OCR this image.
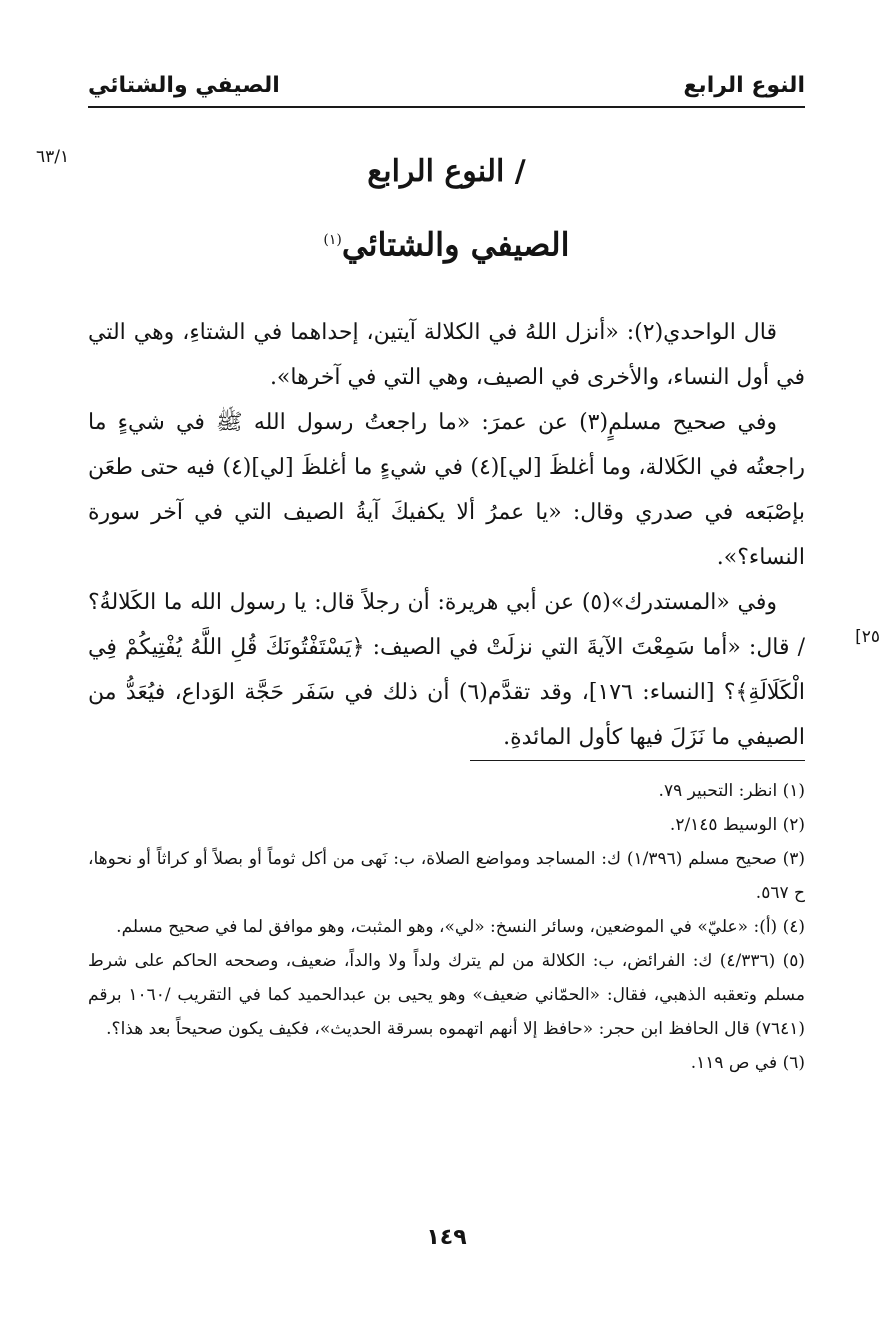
النوع الرابع
الصيفي والشتائي
٦٣/١
[٢٥
/ النوع الرابع
الصيفي والشتائي$^{(١)}$

قال الواحدي(٢): «أنزل اللهُ في الكلالة آيتين، إحداهما في الشتاءِ، وهي التي في أول النساء، والأخرى في الصيف، وهي التي في آخرها».

وفي صحيح مسلمٍ(٣) عن عمرَ: «ما راجعتُ رسول الله ﷺ في شيءٍ ما راجعتُه في الكَلالة، وما أغلظَ [لي](٤) في شيءٍ ما أغلظَ [لي](٤) فيه حتى طعَن بإصْبَعه في صدري وقال: «يا عمرُ ألا يكفيكَ آيةُ الصيف التي في آخر سورة النساء؟».

وفي «المستدرك»(٥) عن أبي هريرة: أن رجلاً قال: يا رسول الله ما الكَلالةُ؟ / قال: «أما سَمِعْتَ الآيةَ التي نزلَتْ في الصيف: ﴿يَسْتَفْتُونَكَ قُلِ اللَّهُ يُفْتِيكُمْ فِي الْكَلَالَةِ﴾؟ [النساء: ١٧٦]، وقد تقدَّم(٦) أن ذلك في سَفَر حَجَّة الوَداع، فيُعَدُّ من الصيفي ما نَزَلَ فيها كأول المائدةِ.

(١) انظر: التحبير ٧٩.

(٢) الوسيط ٢/١٤٥.

(٣) صحيح مسلم (١/٣٩٦) ك: المساجد ومواضع الصلاة، ب: نَهى من أكل ثوماً أو بصلاً أو كراثاً أو نحوها، ح ٥٦٧.

(٤) (أ): «عليّ» في الموضعين، وسائر النسخ: «لي»، وهو المثبت، وهو موافق لما في صحيح مسلم.

(٥) (٤/٣٣٦) ك: الفرائض، ب: الكلالة من لم يترك ولداً ولا والداً، ضعيف، وصححه الحاكم على شرط مسلم وتعقبه الذهبي، فقال: «الحمّاني ضعيف» وهو يحيى بن عبدالحميد كما في التقريب /١٠٦٠ برقم (٧٦٤١) قال الحافظ ابن حجر: «حافظ إلا أنهم اتهموه بسرقة الحديث»، فكيف يكون صحيحاً بعد هذا؟.

(٦) في ص ١١٩.

١٤٩
